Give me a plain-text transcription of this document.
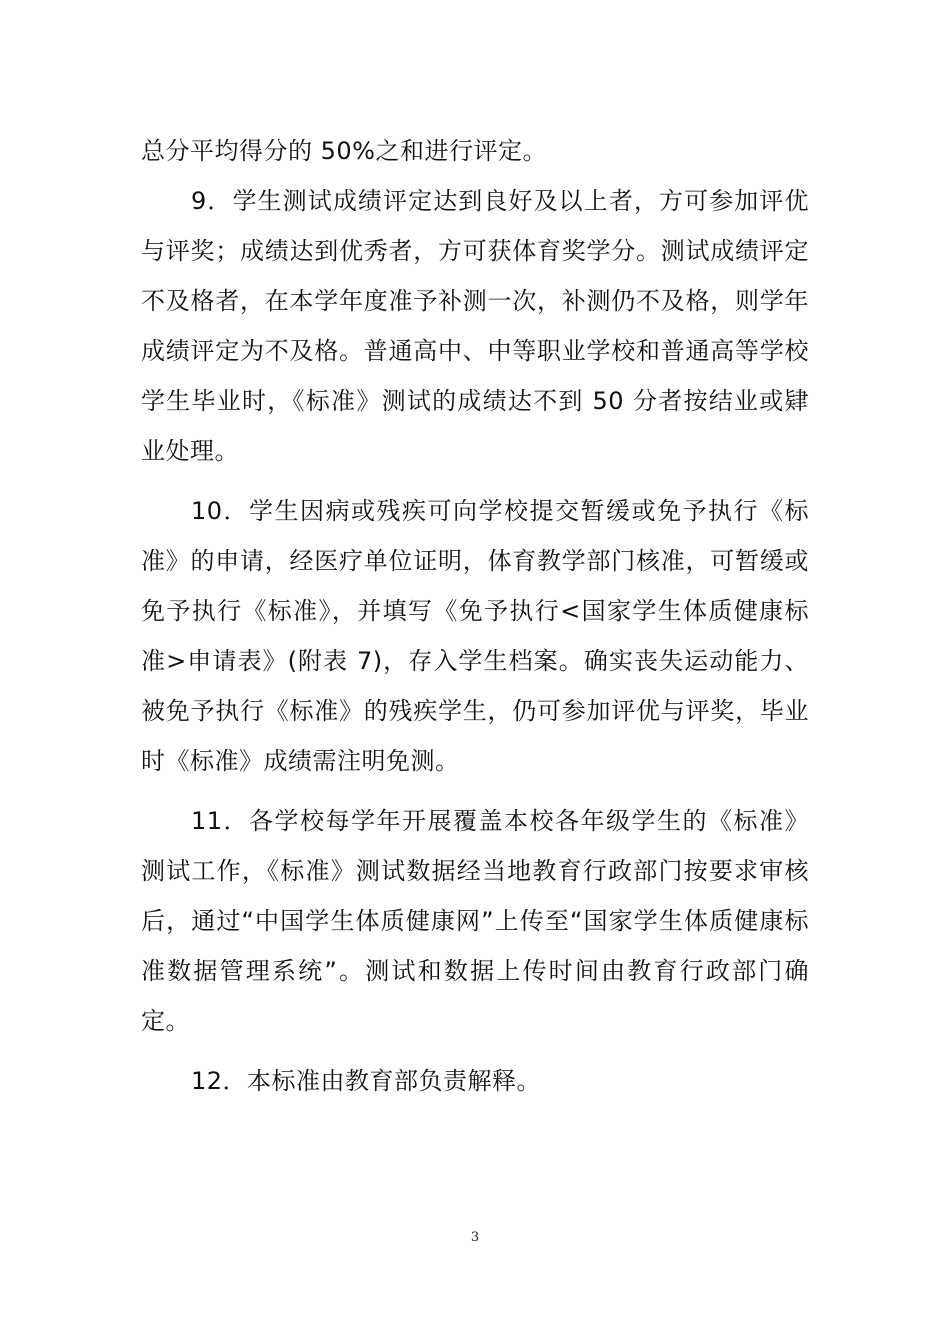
总分平均得分的 50%之和进行评定。

9．学生测试成绩评定达到良好及以上者，方可参加评优与评奖；成绩达到优秀者，方可获体育奖学分。测试成绩评定不及格者，在本学年度准予补测一次，补测仍不及格，则学年成绩评定为不及格。普通高中、中等职业学校和普通高等学校学生毕业时，《标准》测试的成绩达不到 50 分者按结业或肄业处理。

10．学生因病或残疾可向学校提交暂缓或免予执行《标准》的申请，经医疗单位证明，体育教学部门核准，可暂缓或免予执行《标准》，并填写《免予执行<国家学生体质健康标准>申请表》(附表 7)，存入学生档案。确实丧失运动能力、被免予执行《标准》的残疾学生，仍可参加评优与评奖，毕业时《标准》成绩需注明免测。

11．各学校每学年开展覆盖本校各年级学生的《标准》测试工作，《标准》测试数据经当地教育行政部门按要求审核后，通过“中国学生体质健康网”上传至“国家学生体质健康标准数据管理系统”。测试和数据上传时间由教育行政部门确定。

12．本标准由教育部负责解释。

3
